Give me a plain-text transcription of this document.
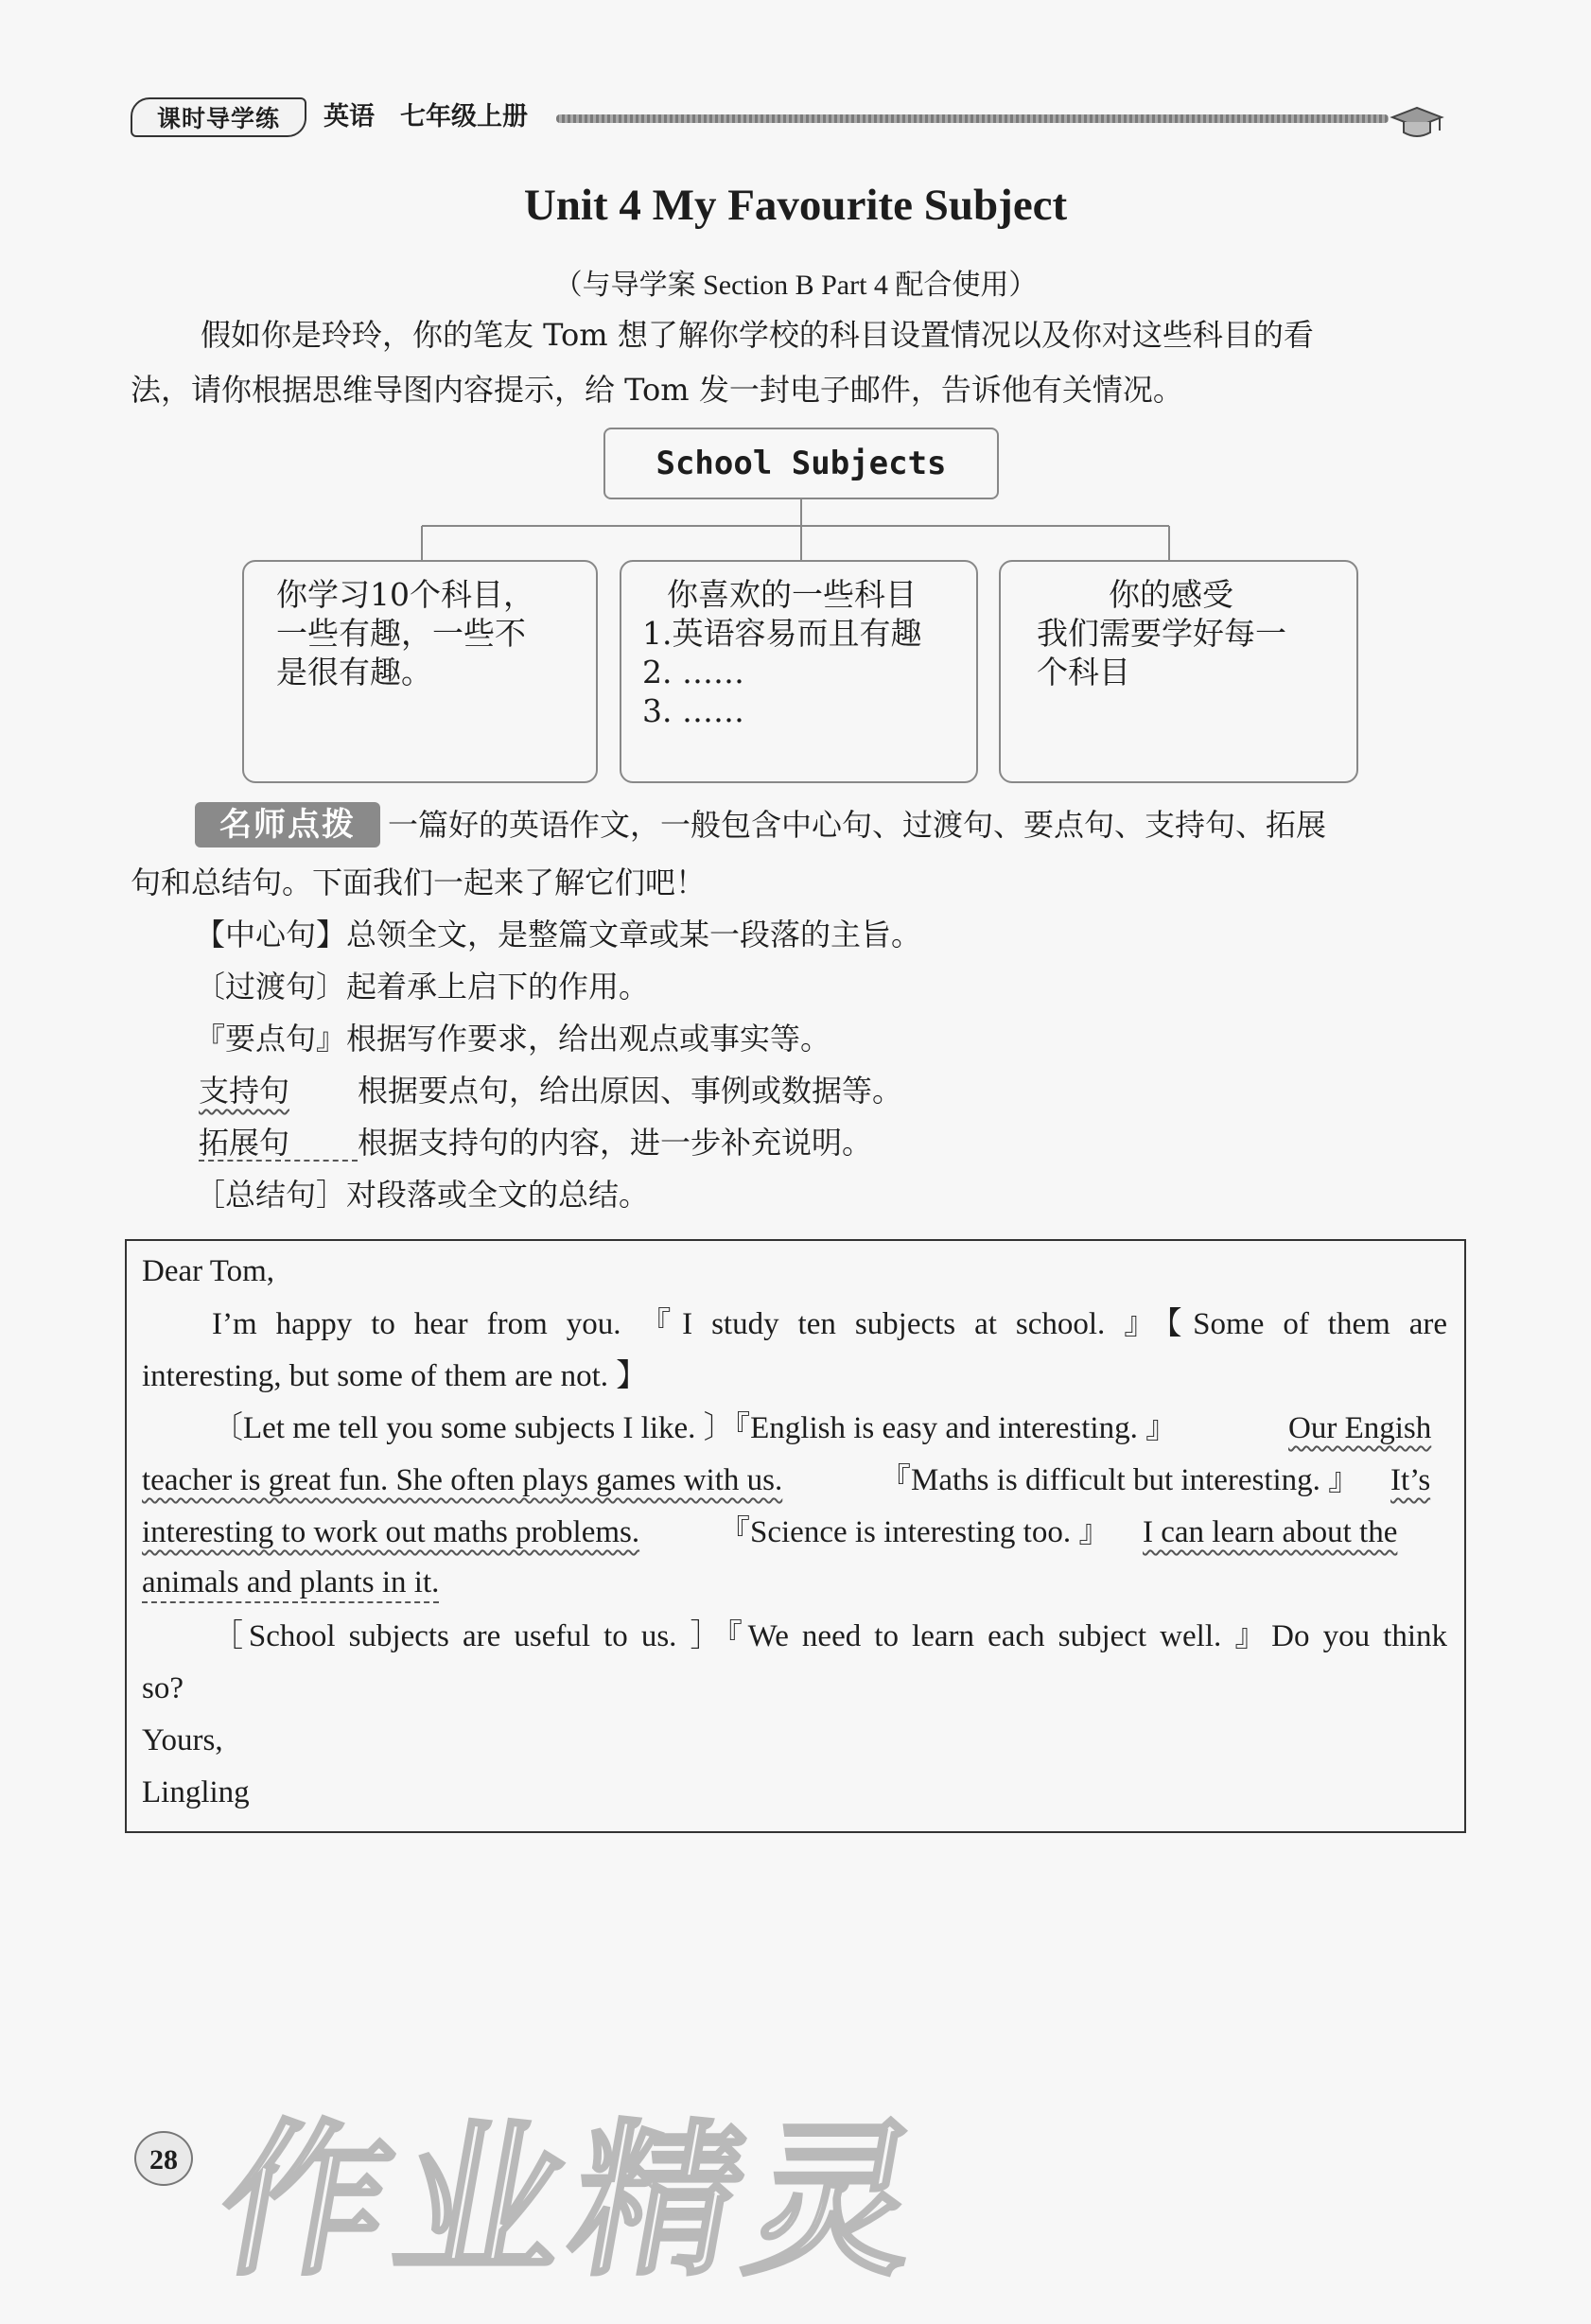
课时导学练	英语　七年级上册
Unit 4 My Favourite Subject
（与导学案 Section B Part 4 配合使用）
假如你是玲玲，你的笔友 Tom 想了解你学校的科目设置情况以及你对这些科目的看
法，请你根据思维导图内容提示，给 Tom 发一封电子邮件，告诉他有关情况。
School Subjects
你学习10个科目，
一些有趣，一些不
是很有趣。
你喜欢的一些科目
1.英语容易而且有趣
2. ……
3. ……
你的感受
我们需要学好每一
个科目
名师点拨	一篇好的英语作文，一般包含中心句、过渡句、要点句、支持句、拓展
句和总结句。下面我们一起来了解它们吧！
【中心句】总领全文，是整篇文章或某一段落的主旨。
〔过渡句〕起着承上启下的作用。
『要点句』根据写作要求，给出观点或事实等。
支持句 根据要点句，给出原因、事例或数据等。
拓展句 根据支持句的内容，进一步补充说明。
［总结句］对段落或全文的总结。
Dear Tom,
I’m happy to hear from you. 『I study ten subjects at school. 』【Some of them are
interesting, but some of them are not. 】
〔Let me tell you some subjects I like. 〕『English is easy and interesting. 』	Our Engish
teacher is great fun. She often plays games with us.	『Maths is difficult but interesting. 』 It’s
interesting to work out maths problems.	『Science is interesting too. 』 I can learn about the
animals and plants in it.
［School subjects are useful to us. ］『We need to learn each subject well. 』Do you think
so?
Yours,
Lingling
28 作业精灵
